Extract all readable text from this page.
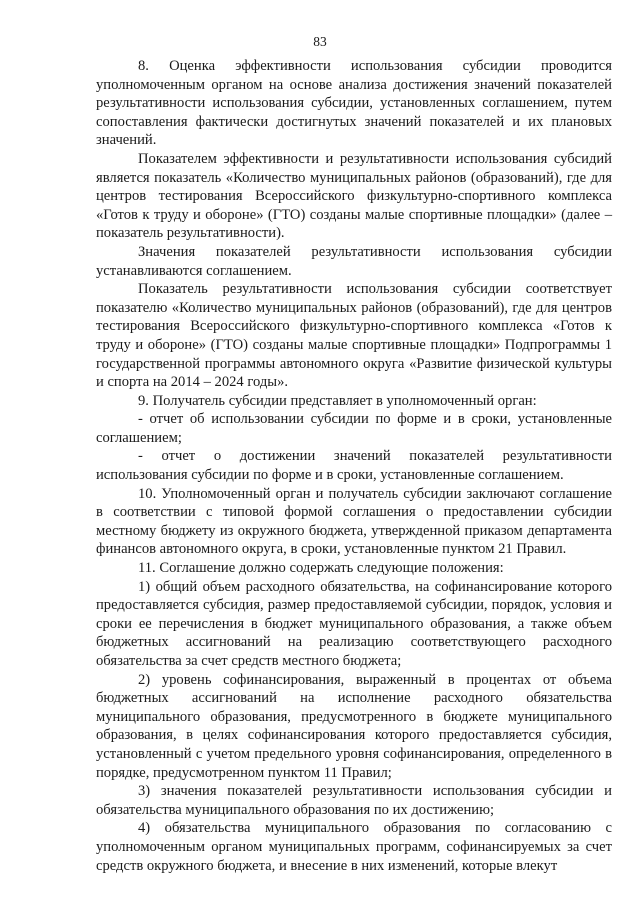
83

8. Оценка эффективности использования субсидии проводится уполномоченным органом на основе анализа достижения значений показателей результативности использования субсидии, установленных соглашением, путем сопоставления фактически достигнутых значений показателей и их плановых значений.

Показателем эффективности и результативности использования субсидий является показатель «Количество муниципальных районов (образований), где для центров тестирования Всероссийского физкультурно-спортивного комплекса «Готов к труду и обороне» (ГТО) созданы малые спортивные площадки» (далее – показатель результативности).

Значения показателей результативности использования субсидии устанавливаются соглашением.

Показатель результативности использования субсидии соответствует показателю «Количество муниципальных районов (образований), где для центров тестирования Всероссийского физкультурно-спортивного комплекса «Готов к труду и обороне» (ГТО) созданы малые спортивные площадки» Подпрограммы 1 государственной программы автономного округа «Развитие физической культуры и спорта на 2014 – 2024 годы».

9. Получатель субсидии представляет в уполномоченный орган:

- отчет об использовании субсидии по форме и в сроки, установленные соглашением;

- отчет о достижении значений показателей результативности использования субсидии по форме и в сроки, установленные соглашением.

10. Уполномоченный орган и получатель субсидии заключают соглашение в соответствии с типовой формой соглашения о предоставлении субсидии местному бюджету из окружного бюджета, утвержденной приказом департамента финансов автономного округа, в сроки, установленные пунктом 21 Правил.

11. Соглашение должно содержать следующие положения:

1) общий объем расходного обязательства, на софинансирование которого предоставляется субсидия, размер предоставляемой субсидии, порядок, условия и сроки ее перечисления в бюджет муниципального образования, а также объем бюджетных ассигнований на реализацию соответствующего расходного обязательства за счет средств местного бюджета;

2) уровень софинансирования, выраженный в процентах от объема бюджетных ассигнований на исполнение расходного обязательства муниципального образования, предусмотренного в бюджете муниципального образования, в целях софинансирования которого предоставляется субсидия, установленный с учетом предельного уровня софинансирования, определенного в порядке, предусмотренном пунктом 11 Правил;

3) значения показателей результативности использования субсидии и обязательства муниципального образования по их достижению;

4) обязательства муниципального образования по согласованию с уполномоченным органом муниципальных программ, софинансируемых за счет средств окружного бюджета, и внесение в них изменений, которые влекут
